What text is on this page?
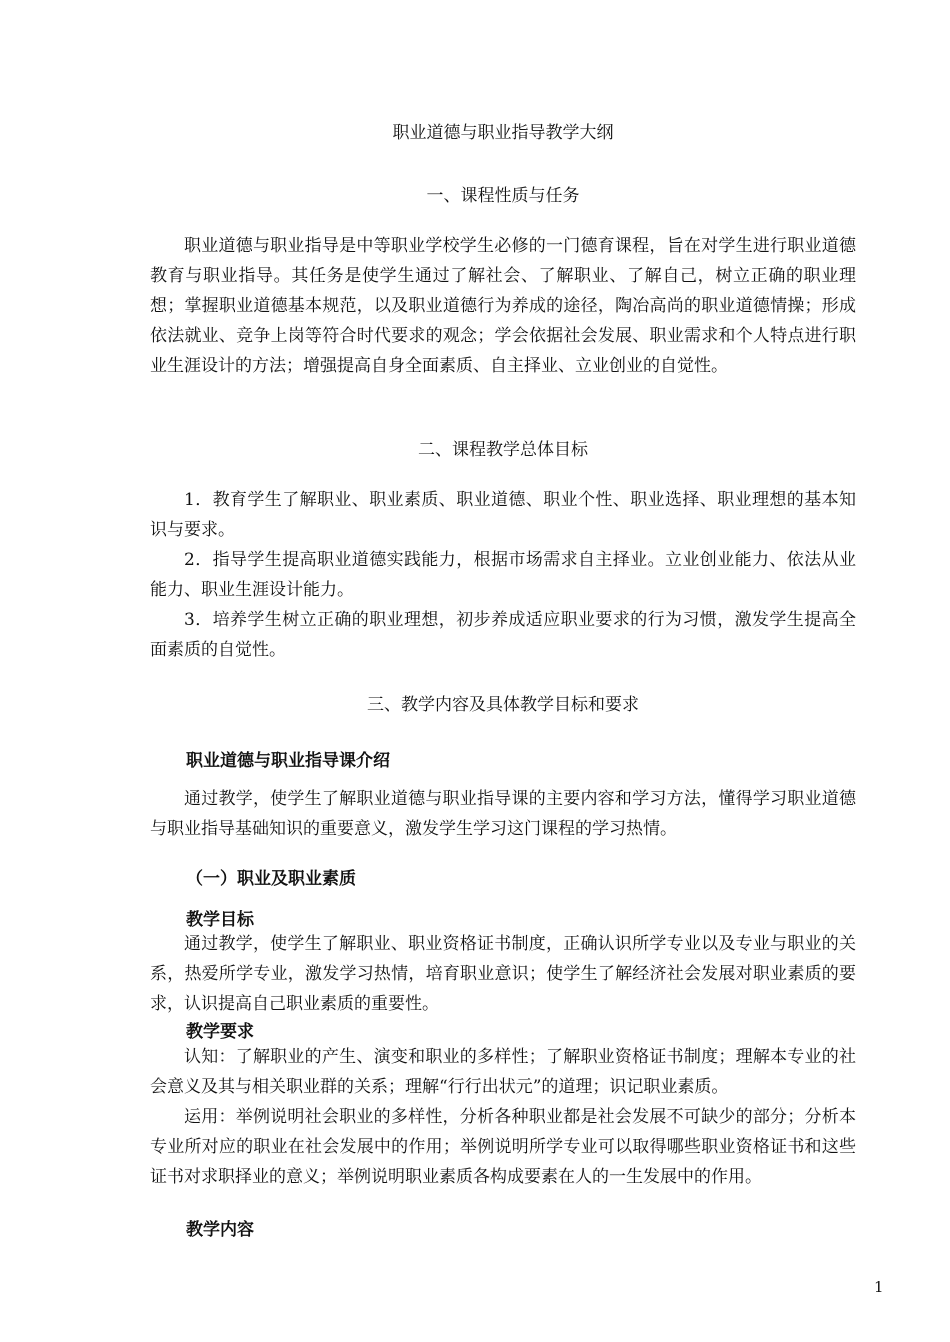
职业道德与职业指导教学大纲
一、课程性质与任务

职业道德与职业指导是中等职业学校学生必修的一门德育课程，旨在对学生进行职业道德教育与职业指导。其任务是使学生通过了解社会、了解职业、了解自己，树立正确的职业理想；掌握职业道德基本规范，以及职业道德行为养成的途径，陶冶高尚的职业道德情操；形成依法就业、竞争上岗等符合时代要求的观念；学会依据社会发展、职业需求和个人特点进行职业生涯设计的方法；增强提高自身全面素质、自主择业、立业创业的自觉性。

二、课程教学总体目标

1．教育学生了解职业、职业素质、职业道德、职业个性、职业选择、职业理想的基本知识与要求。

2．指导学生提高职业道德实践能力，根据市场需求自主择业。立业创业能力、依法从业能力、职业生涯设计能力。

3．培养学生树立正确的职业理想，初步养成适应职业要求的行为习惯，激发学生提高全面素质的自觉性。

三、教学内容及具体教学目标和要求
职业道德与职业指导课介绍

通过教学，使学生了解职业道德与职业指导课的主要内容和学习方法，懂得学习职业道德与职业指导基础知识的重要意义，激发学生学习这门课程的学习热情。

（一）职业及职业素质
教学目标

通过教学，使学生了解职业、职业资格证书制度，正确认识所学专业以及专业与职业的关系，热爱所学专业，激发学习热情，培育职业意识；使学生了解经济社会发展对职业素质的要求，认识提高自己职业素质的重要性。

教学要求

认知：了解职业的产生、演变和职业的多样性；了解职业资格证书制度；理解本专业的社会意义及其与相关职业群的关系；理解“行行出状元”的道理；识记职业素质。

运用：举例说明社会职业的多样性，分析各种职业都是社会发展不可缺少的部分；分析本专业所对应的职业在社会发展中的作用；举例说明所学专业可以取得哪些职业资格证书和这些证书对求职择业的意义；举例说明职业素质各构成要素在人的一生发展中的作用。

教学内容
1
